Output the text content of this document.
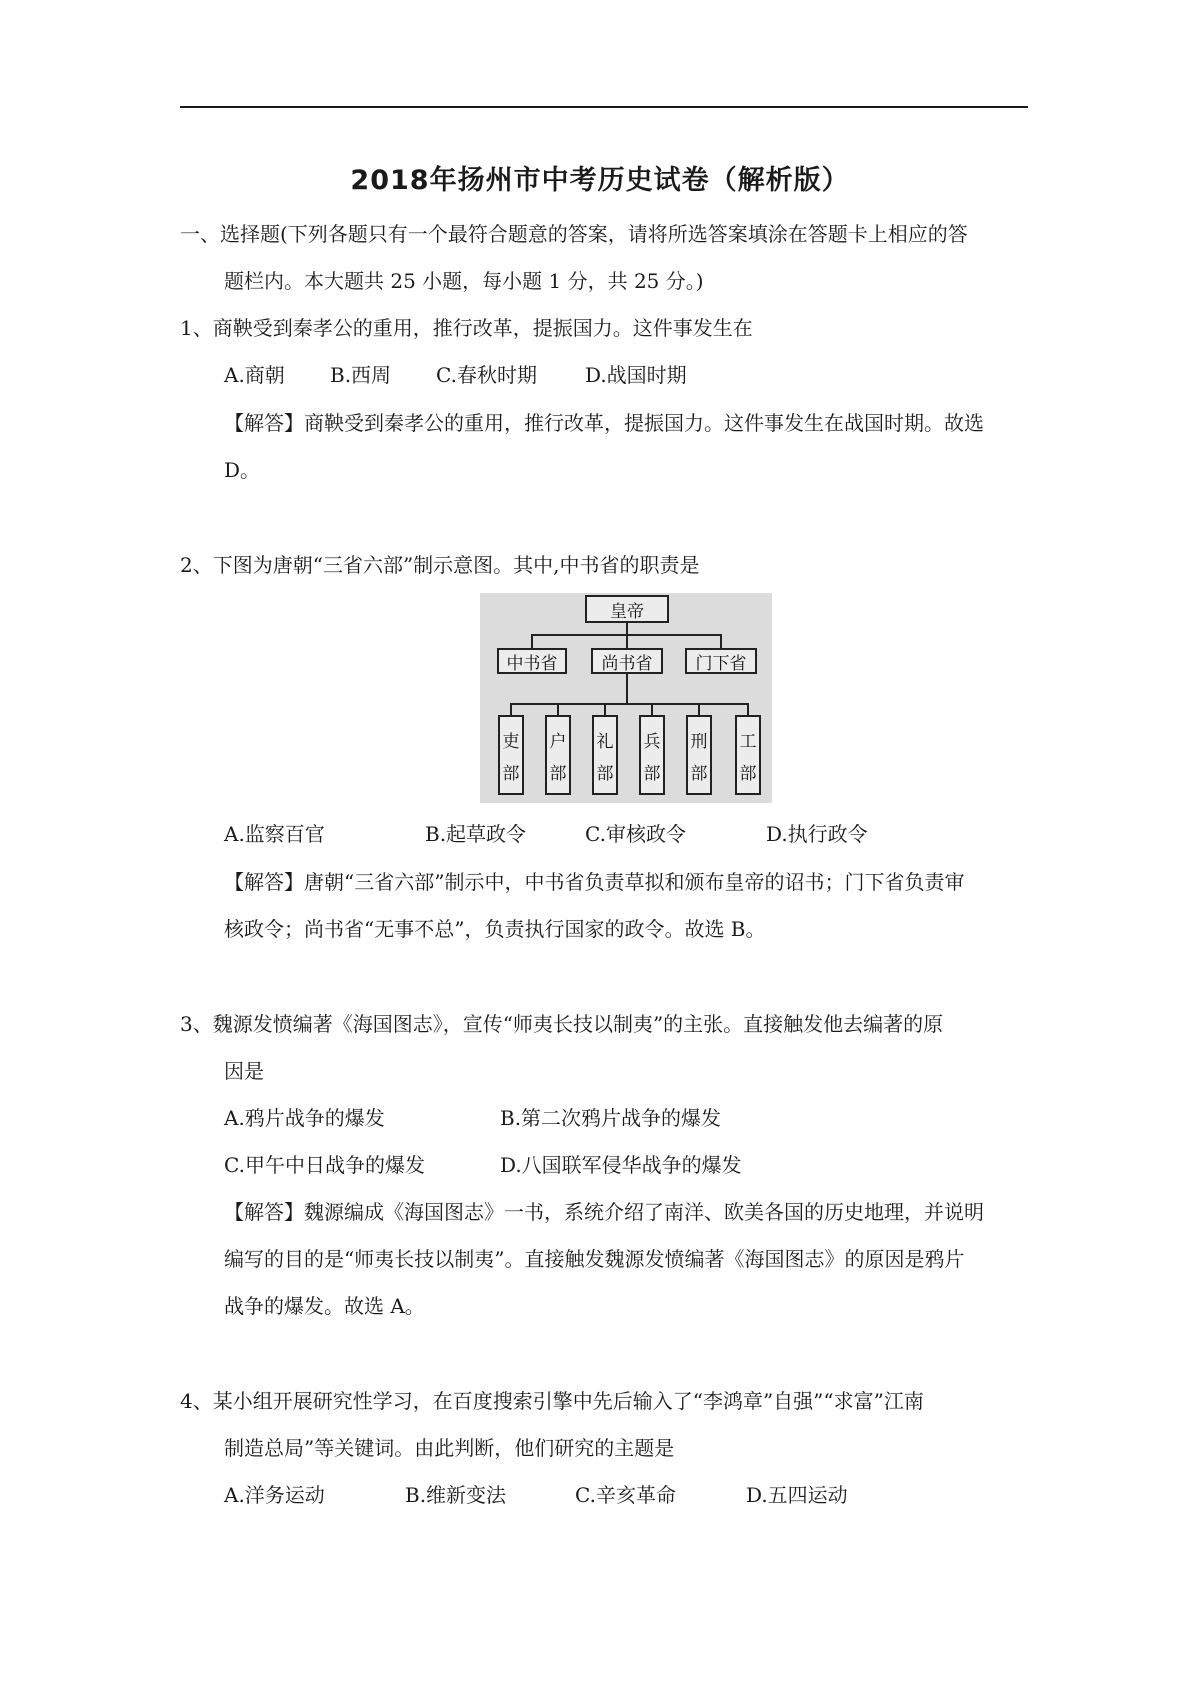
2018年扬州市中考历史试卷（解析版）
一、选择题(下列各题只有一个最符合题意的答案，请将所选答案填涂在答题卡上相应的答
题栏内。本大题共 25 小题，每小题 1 分，共 25 分。)
1、商鞅受到秦孝公的重用，推行改革，提振国力。这件事发生在
A.商朝 B.西周 C.春秋时期 D.战国时期
【解答】商鞅受到秦孝公的重用，推行改革，提振国力。这件事发生在战国时期。故选
D。
2、下图为唐朝“三省六部”制示意图。其中,中书省的职责是
皇帝
中书省	尚书省	门下省
吏
部
户
部
礼
部
兵
部
刑
部
工
部
A.监察百官	B.起草政令	C.审核政令	D.执行政令
【解答】唐朝“三省六部”制示中，中书省负责草拟和颁布皇帝的诏书；门下省负责审
核政令；尚书省“无事不总”，负责执行国家的政令。故选 B。
3、魏源发愤编著《海国图志》，宣传“师夷长技以制夷”的主张。直接触发他去编著的原
因是
A.鸦片战争的爆发	B.第二次鸦片战争的爆发
C.甲午中日战争的爆发	D.八国联军侵华战争的爆发
【解答】魏源编成《海国图志》一书，系统介绍了南洋、欧美各国的历史地理，并说明
编写的目的是“师夷长技以制夷”。直接触发魏源发愤编著《海国图志》的原因是鸦片
战争的爆发。故选 A。
4、某小组开展研究性学习，在百度搜索引擎中先后输入了“李鸿章”自强”“求富”江南
制造总局”等关键词。由此判断，他们研究的主题是
A.洋务运动	B.维新变法	C.辛亥革命	D.五四运动
